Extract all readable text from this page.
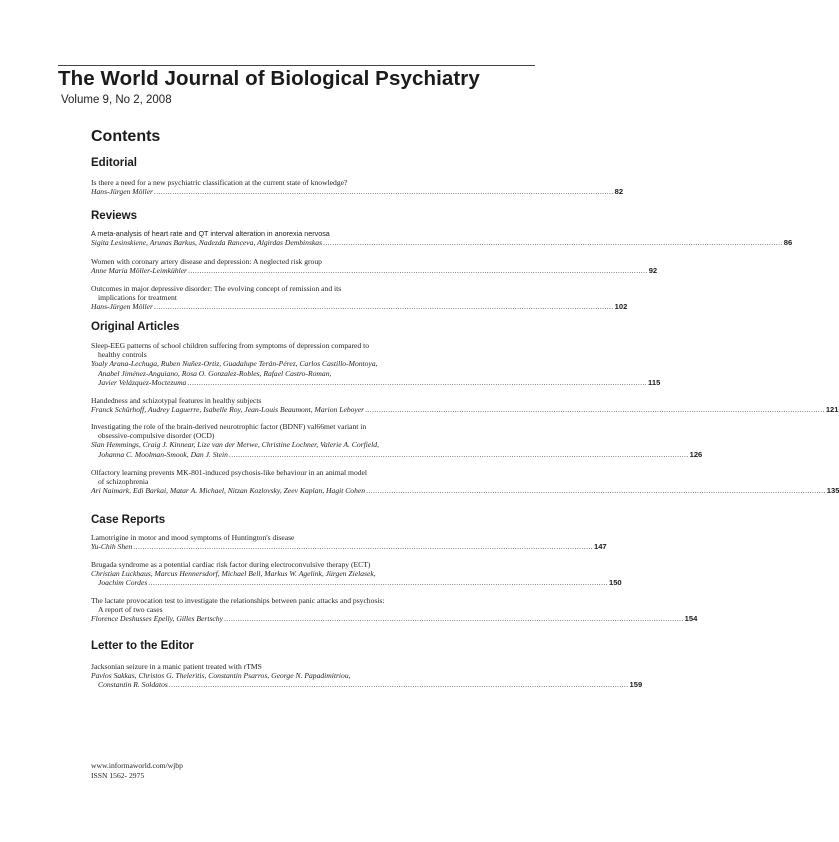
The World Journal of Biological Psychiatry
Volume 9, No 2, 2008
Contents
Editorial
Is there a need for a new psychiatric classification at the current state of knowledge?
Hans-Jürgen Möller ........................................................................................................................................................................................................ 82
Reviews
A meta-analysis of heart rate and QT interval alteration in anorexia nervosa
Sigita Lesinskiene, Arunas Barkus, Nadezda Ranceva, Algirdas Dembinskas ........................................................................................................................................................................................................ 86
Women with coronary artery disease and depression: A neglected risk group
Anne Maria Möller-Leimkühler ........................................................................................................................................................................................................ 92
Outcomes in major depressive disorder: The evolving concept of remission and its
implications for treatment
Hans-Jürgen Möller ........................................................................................................................................................................................................ 102
Original Articles
Sleep-EEG patterns of school children suffering from symptoms of depression compared to
healthy controls
Yoaly Arana-Lechuga, Ruben Nuñez-Ortiz, Guadalupe Terán-Pérez, Carlos Castillo-Montoya,
Anabel Jiménez-Anguiano, Rosa O. Gonzalez-Robles, Rafael Castro-Roman,
Javier Velázquez-Moctezuma ........................................................................................................................................................................................................ 115
Handedness and schizotypal features in healthy subjects
Franck Schürhoff, Audrey Laguerre, Isabelle Roy, Jean-Louis Beaumont, Marion Leboyer ........................................................................................................................................................................................................ 121
Investigating the role of the brain-derived neurotrophic factor (BDNF) val66met variant in
obsessive-compulsive disorder (OCD)
Sîan Hemmings, Craig J. Kinnear, Lize van der Merwe, Christine Lochner, Valerie A. Corfield,
Johanna C. Moolman-Smook, Dan J. Stein ........................................................................................................................................................................................................ 126
Olfactory learning prevents MK-801-induced psychosis-like behaviour in an animal model
of schizophrenia
Ari Naimark, Edi Barkai, Matar A. Michael, Nitzan Kozlovsky, Zeev Kaplan, Hagit Cohen ........................................................................................................................................................................................................ 135
Case Reports
Lamotrigine in motor and mood symptoms of Huntington's disease
Yu-Chih Shen ........................................................................................................................................................................................................ 147
Brugada syndrome as a potential cardiac risk factor during electroconvulsive therapy (ECT)
Christian Luckhaus, Marcus Hennersdorf, Michael Bell, Markus W. Agelink, Jürgen Zielasek,
Joachim Cordes ........................................................................................................................................................................................................ 150
The lactate provocation test to investigate the relationships between panic attacks and psychosis:
A report of two cases
Florence Deshusses Epelly, Gilles Bertschy ........................................................................................................................................................................................................ 154
Letter to the Editor
Jacksonian seizure in a manic patient treated with rTMS
Pavlos Sakkas, Christos G. Theleritis, Constantin Psarros, George N. Papadimitriou,
Constantin R. Soldatos ........................................................................................................................................................................................................ 159
www.informaworld.com/wjbp
ISSN 1562- 2975
